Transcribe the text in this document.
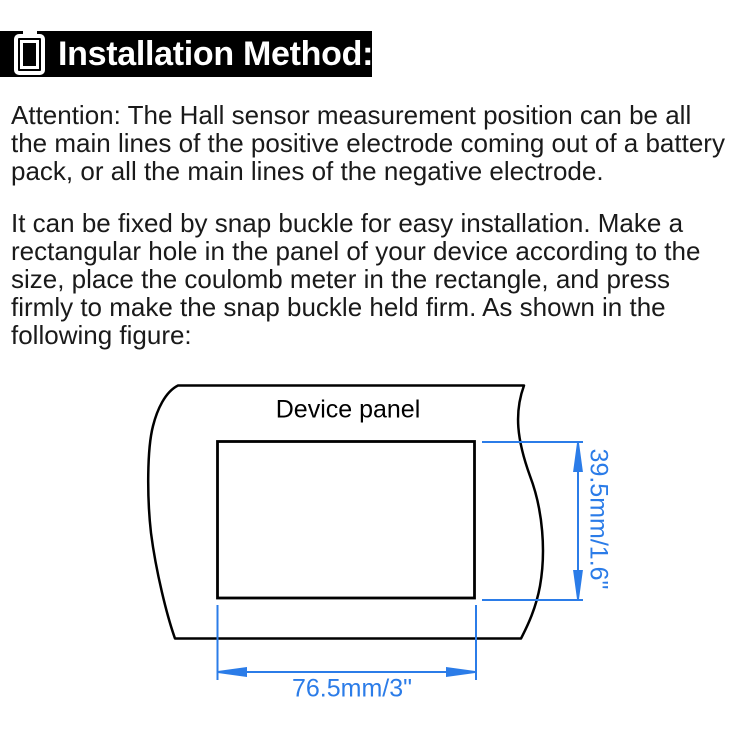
Installation Method:
Attention: The Hall sensor measurement position can be all
the main lines of the positive electrode coming out of a battery
pack, or all the main lines of the negative electrode.
It can be fixed by snap buckle for easy installation. Make a
rectangular hole in the panel of your device according to the
size, place the coulomb meter in the rectangle, and press
firmly to make the snap buckle held firm. As shown in the
following figure:
Device panel
39.5mm/1.6"
76.5mm/3"
